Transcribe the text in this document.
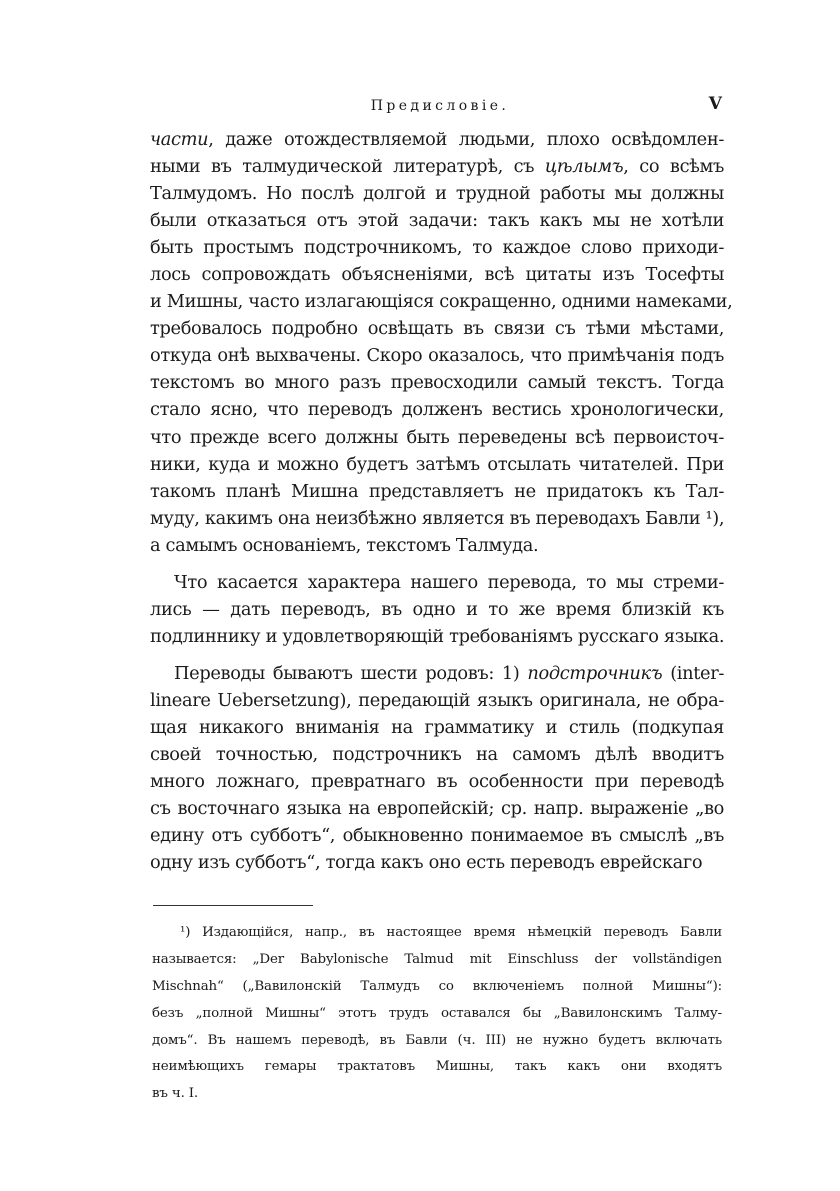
Предисловіе.	V
части, даже отождествляемой людьми, плохо освѣдомлен-
ными въ талмудической литературѣ, съ цѣлымъ, со всѣмъ
Талмудомъ. Но послѣ долгой и трудной работы мы должны
были отказаться отъ этой задачи: такъ какъ мы не хотѣли
быть простымъ подстрочникомъ, то каждое слово приходи-
лось сопровождать объясненіями, всѣ цитаты изъ Тосефты
и Мишны, часто излагающіяся сокращенно, одними намеками,
требовалось подробно освѣщать въ связи съ тѣми мѣстами,
откуда онѣ выхвачены. Скоро оказалось, что примѣчанія подъ
текстомъ во много разъ превосходили самый текстъ. Тогда
стало ясно, что переводъ долженъ вестись хронологически,
что прежде всего должны быть переведены всѣ первоисточ-
ники, куда и можно будетъ затѣмъ отсылать читателей. При
такомъ планѣ Мишна представляетъ не придатокъ къ Тал-
муду, какимъ она неизбѣжно является въ переводахъ Бавли ¹),
а самымъ основаніемъ, текстомъ Талмуда.
Что касается характера нашего перевода, то мы стреми-
лись — дать переводъ, въ одно и то же время близкій къ
подлиннику и удовлетворяющій требованіямъ русскаго языка.
Переводы бываютъ шести родовъ: 1) подстрочникъ (inter-
lineare Uebersetzung), передающій языкъ оригинала, не обра-
щая никакого вниманія на грамматику и стиль (подкупая
своей точностью, подстрочникъ на самомъ дѣлѣ вводитъ
много ложнаго, превратнаго въ особенности при переводѣ
съ восточнаго языка на европейскій; ср. напр. выраженіе „во
едину отъ субботъ“, обыкновенно понимаемое въ смыслѣ „въ
одну изъ субботъ“, тогда какъ оно есть переводъ еврейскаго
¹) Издающійся, напр., въ настоящее время нѣмецкій переводъ Бавли
называется: „Der Babylonische Talmud mit Einschluss der vollständigen
Mischnah“ („Вавилонскій Талмудъ со включеніемъ полной Мишны“):
безъ „полной Мишны“ этотъ трудъ оставался бы „Вавилонскимъ Талму-
домъ“. Въ нашемъ переводѣ, въ Бавли (ч. III) не нужно будетъ включать
неимѣющихъ гемары трактатовъ Мишны, такъ какъ они входятъ
въ ч. I.
